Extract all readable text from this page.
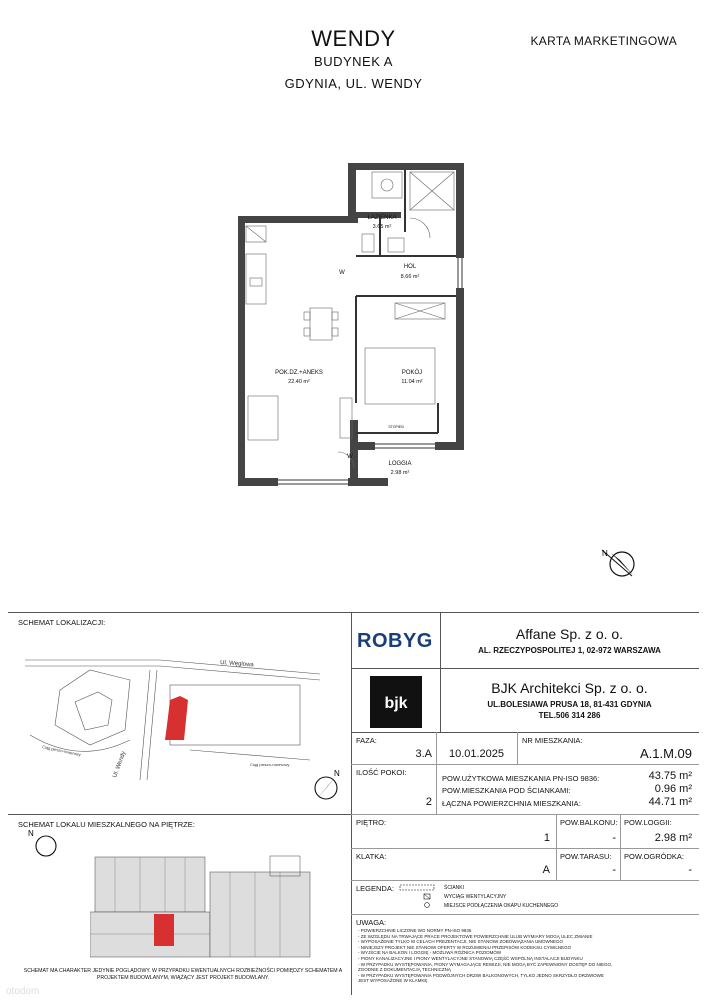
WENDY
BUDYNEK A
GDYNIA, UL. WENDY
KARTA MARKETINGOWA
ŁAZIENKA
3.65 m²
HOL
8.66 m²
POK.DZ.+ANEKS
22.40 m²
POKÓJ
11.04 m²
LOGGIA
2.98 m²
W
W
STOPIEŃ
N
SCHEMAT LOKALIZACJI:
Ul. Węglowa
Ul. Wendy
Ciąg pieszo-rowerowy
Ciąg pieszo-rowerowy
N
SCHEMAT LOKALU MIESZKALNEGO NA PIĘTRZE:
N
SCHEMAT MA CHARAKTER JEDYNIE POGLĄDOWY. W PRZYPADKU EWENTUALNYCH ROZBIEŻNOŚCI POMIĘDZY SCHEMATEM A PROJEKTEM BUDOWLANYM, WIĄŻĄCY JEST PROJEKT BUDOWLANY.
otodom
ROBYG	Affane Sp. z o. o.
AL. RZECZYPOSPOLITEJ 1, 02-972 WARSZAWA
bjk
BJK Architekci Sp. z o. o.
UL.BOLESIAWA PRUSA 18, 81-431 GDYNIA
TEL.506 314 286
FAZA:
3.A	10.01.2025
NR MIESZKANIA:
A.1.M.09
ILOŚĆ POKOI:
2
POW.UŻYTKOWA MIESZKANIA PN-ISO 9836:	43.75 m²
POW.MIESZKANIA POD ŚCIANKAMI:	0.96 m²
ŁĄCZNA POWIERZCHNIA MIESZKANIA:	44.71 m²
PIĘTRO:
1
POW.BALKONU:
-
POW.LOGGII:
2.98 m²
KLATKA:
A
POW.TARASU:
-
POW.OGRÓDKA:
-
LEGENDA:	ŚCIANKI
WYCIĄG WENTYLACYJNY
MIEJSCE PODŁĄCZENIA OKAPU KUCHENNEGO
UWAGA:
- POWIERZCHNIE LICZONE WG NORMY PN-ISO 9836
- ZE WZGLĘDU NA TRWAJĄCE PRACE PROJEKTOWE POWIERZCHNIE ULUB WYMIARY MOGĄ ULEC ZMIANIE
- WYPOSAŻENIE TYLKO W CELACH PREZENTACJI, NIE STANOWI ZOBOWIĄZANIA UMOWNEGO
- NINIEJSZY PROJEKT NIE STANOWI OFERTY W ROZUMIENIU PRZEPISÓW KODEKSU CYWILNEGO
- WYJŚCIE NA BALKON I LOGGIĘ - MOŻLIWA RÓŻNICA POZIOMÓW
- PIONY KANALIZACYJNE I PIONY WENTYLACYJNE STANOWIĄ CZĘŚĆ WSPÓLNĄ INSTALACJI BUDYNKU
- W PRZYPADKU WYSTĘPOWANIA, PIONY WYMAGAJĄCE REWIZJI, NIE MOGĄ BYĆ ZAPEWNIONY DOSTĘP DO NIEGO,
ZGODNIE Z DOKUMENTACJĄ TECHNICZNĄ
- W PRZYPADKU WYSTĘPOWANIA PODWÓJNYCH DRZWI BALKONOWYCH, TYLKO JEDNO SKRZYDŁO DRZWIOWE
JEST WYPOSAŻONE W KLAMKĘ
